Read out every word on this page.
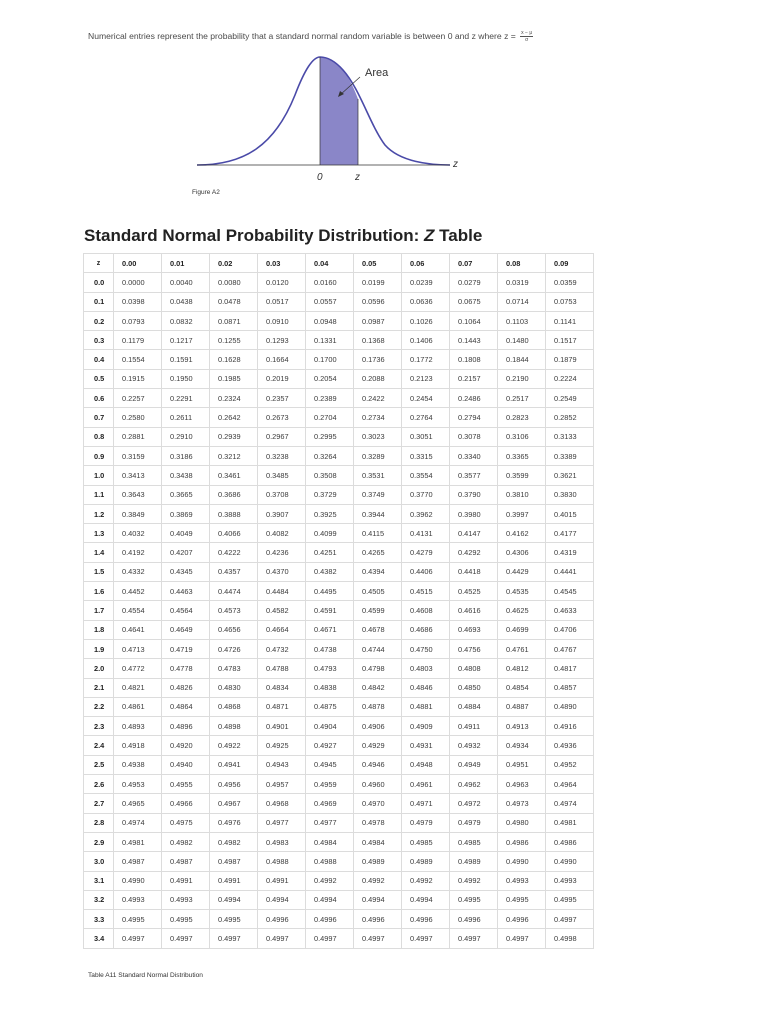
Numerical entries represent the probability that a standard normal random variable is between 0 and z where $z = \frac{x - \mu}{\sigma}$
Area
0	z
z
Figure A2
Standard Normal Probability Distribution: Z Table
z	0.00	0.01	0.02	0.03	0.04	0.05	0.06	0.07	0.08	0.09
0.0	0.0000	0.0040	0.0080	0.0120	0.0160	0.0199	0.0239	0.0279	0.0319	0.0359
0.1	0.0398	0.0438	0.0478	0.0517	0.0557	0.0596	0.0636	0.0675	0.0714	0.0753
0.2	0.0793	0.0832	0.0871	0.0910	0.0948	0.0987	0.1026	0.1064	0.1103	0.1141
0.3	0.1179	0.1217	0.1255	0.1293	0.1331	0.1368	0.1406	0.1443	0.1480	0.1517
0.4	0.1554	0.1591	0.1628	0.1664	0.1700	0.1736	0.1772	0.1808	0.1844	0.1879
0.5	0.1915	0.1950	0.1985	0.2019	0.2054	0.2088	0.2123	0.2157	0.2190	0.2224
0.6	0.2257	0.2291	0.2324	0.2357	0.2389	0.2422	0.2454	0.2486	0.2517	0.2549
0.7	0.2580	0.2611	0.2642	0.2673	0.2704	0.2734	0.2764	0.2794	0.2823	0.2852
0.8	0.2881	0.2910	0.2939	0.2967	0.2995	0.3023	0.3051	0.3078	0.3106	0.3133
0.9	0.3159	0.3186	0.3212	0.3238	0.3264	0.3289	0.3315	0.3340	0.3365	0.3389
1.0	0.3413	0.3438	0.3461	0.3485	0.3508	0.3531	0.3554	0.3577	0.3599	0.3621
1.1	0.3643	0.3665	0.3686	0.3708	0.3729	0.3749	0.3770	0.3790	0.3810	0.3830
1.2	0.3849	0.3869	0.3888	0.3907	0.3925	0.3944	0.3962	0.3980	0.3997	0.4015
1.3	0.4032	0.4049	0.4066	0.4082	0.4099	0.4115	0.4131	0.4147	0.4162	0.4177
1.4	0.4192	0.4207	0.4222	0.4236	0.4251	0.4265	0.4279	0.4292	0.4306	0.4319
1.5	0.4332	0.4345	0.4357	0.4370	0.4382	0.4394	0.4406	0.4418	0.4429	0.4441
1.6	0.4452	0.4463	0.4474	0.4484	0.4495	0.4505	0.4515	0.4525	0.4535	0.4545
1.7	0.4554	0.4564	0.4573	0.4582	0.4591	0.4599	0.4608	0.4616	0.4625	0.4633
1.8	0.4641	0.4649	0.4656	0.4664	0.4671	0.4678	0.4686	0.4693	0.4699	0.4706
1.9	0.4713	0.4719	0.4726	0.4732	0.4738	0.4744	0.4750	0.4756	0.4761	0.4767
2.0	0.4772	0.4778	0.4783	0.4788	0.4793	0.4798	0.4803	0.4808	0.4812	0.4817
2.1	0.4821	0.4826	0.4830	0.4834	0.4838	0.4842	0.4846	0.4850	0.4854	0.4857
2.2	0.4861	0.4864	0.4868	0.4871	0.4875	0.4878	0.4881	0.4884	0.4887	0.4890
2.3	0.4893	0.4896	0.4898	0.4901	0.4904	0.4906	0.4909	0.4911	0.4913	0.4916
2.4	0.4918	0.4920	0.4922	0.4925	0.4927	0.4929	0.4931	0.4932	0.4934	0.4936
2.5	0.4938	0.4940	0.4941	0.4943	0.4945	0.4946	0.4948	0.4949	0.4951	0.4952
2.6	0.4953	0.4955	0.4956	0.4957	0.4959	0.4960	0.4961	0.4962	0.4963	0.4964
2.7	0.4965	0.4966	0.4967	0.4968	0.4969	0.4970	0.4971	0.4972	0.4973	0.4974
2.8	0.4974	0.4975	0.4976	0.4977	0.4977	0.4978	0.4979	0.4979	0.4980	0.4981
2.9	0.4981	0.4982	0.4982	0.4983	0.4984	0.4984	0.4985	0.4985	0.4986	0.4986
3.0	0.4987	0.4987	0.4987	0.4988	0.4988	0.4989	0.4989	0.4989	0.4990	0.4990
3.1	0.4990	0.4991	0.4991	0.4991	0.4992	0.4992	0.4992	0.4992	0.4993	0.4993
3.2	0.4993	0.4993	0.4994	0.4994	0.4994	0.4994	0.4994	0.4995	0.4995	0.4995
3.3	0.4995	0.4995	0.4995	0.4996	0.4996	0.4996	0.4996	0.4996	0.4996	0.4997
3.4	0.4997	0.4997	0.4997	0.4997	0.4997	0.4997	0.4997	0.4997	0.4997	0.4998
Table A11 Standard Normal Distribution
